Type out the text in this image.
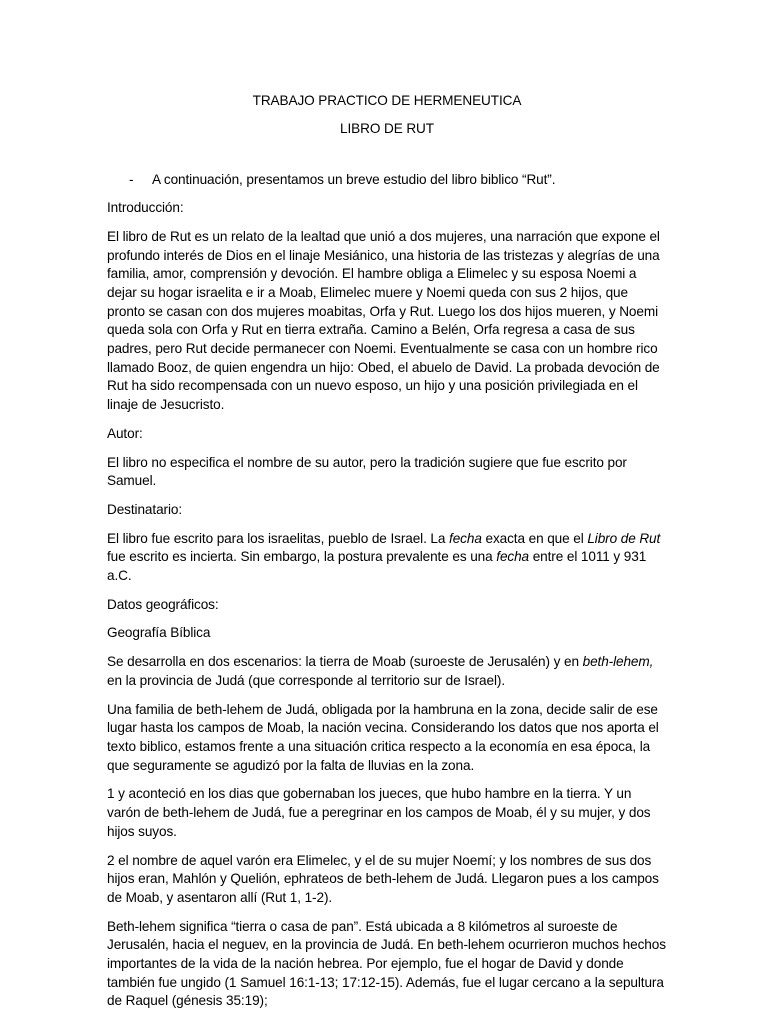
TRABAJO PRACTICO DE HERMENEUTICA

LIBRO DE RUT

-	A continuación, presentamos un breve estudio del libro biblico “Rut”.

Introducción:

El libro de Rut es un relato de la lealtad que unió a dos mujeres, una narración que expone el profundo interés de Dios en el linaje Mesiánico, una historia de las tristezas y alegrías de una familia, amor, comprensión y devoción. El hambre obliga a Elimelec y su esposa Noemi a dejar su hogar israelita e ir a Moab, Elimelec muere y Noemi queda con sus 2 hijos, que pronto se casan con dos mujeres moabitas, Orfa y Rut. Luego los dos hijos mueren, y Noemi queda sola con Orfa y Rut en tierra extraña. Camino a Belén, Orfa regresa a casa de sus padres, pero Rut decide permanecer con Noemi. Eventualmente se casa con un hombre rico llamado Booz, de quien engendra un hijo: Obed, el abuelo de David. La probada devoción de Rut ha sido recompensada con un nuevo esposo, un hijo y una posición privilegiada en el linaje de Jesucristo.

Autor:

El libro no especifica el nombre de su autor, pero la tradición sugiere que fue escrito por Samuel.

Destinatario:

El libro fue escrito para los israelitas, pueblo de Israel. La fecha exacta en que el Libro de Rut fue escrito es incierta. Sin embargo, la postura prevalente es una fecha entre el 1011 y 931 a.C.

Datos geográficos:

Geografía Bíblica

Se desarrolla en dos escenarios: la tierra de Moab (suroeste de Jerusalén) y en beth-lehem, en la provincia de Judá (que corresponde al territorio sur de Israel).

Una familia de beth-lehem de Judá, obligada por la hambruna en la zona, decide salir de ese lugar hasta los campos de Moab, la nación vecina. Considerando los datos que nos aporta el texto biblico, estamos frente a una situación critica respecto a la economía en esa época, la que seguramente se agudizó por la falta de lluvias en la zona.

1 y aconteció en los dias que gobernaban los jueces, que hubo hambre en la tierra. Y un varón de beth-lehem de Judá, fue a peregrinar en los campos de Moab, él y su mujer, y dos hijos suyos.

2 el nombre de aquel varón era Elimelec, y el de su mujer Noemí; y los nombres de sus dos hijos eran, Mahlón y Quelión, ephrateos de beth-lehem de Judá. Llegaron pues a los campos de Moab, y asentaron allí (Rut 1, 1-2).

Beth-lehem significa “tierra o casa de pan”. Está ubicada a 8 kilómetros al suroeste de Jerusalén, hacia el neguev, en la provincia de Judá. En beth-lehem ocurrieron muchos hechos importantes de la vida de la nación hebrea. Por ejemplo, fue el hogar de David y donde también fue ungido (1 Samuel 16:1-13; 17:12-15). Además, fue el lugar cercano a la sepultura de Raquel (génesis 35:19);
